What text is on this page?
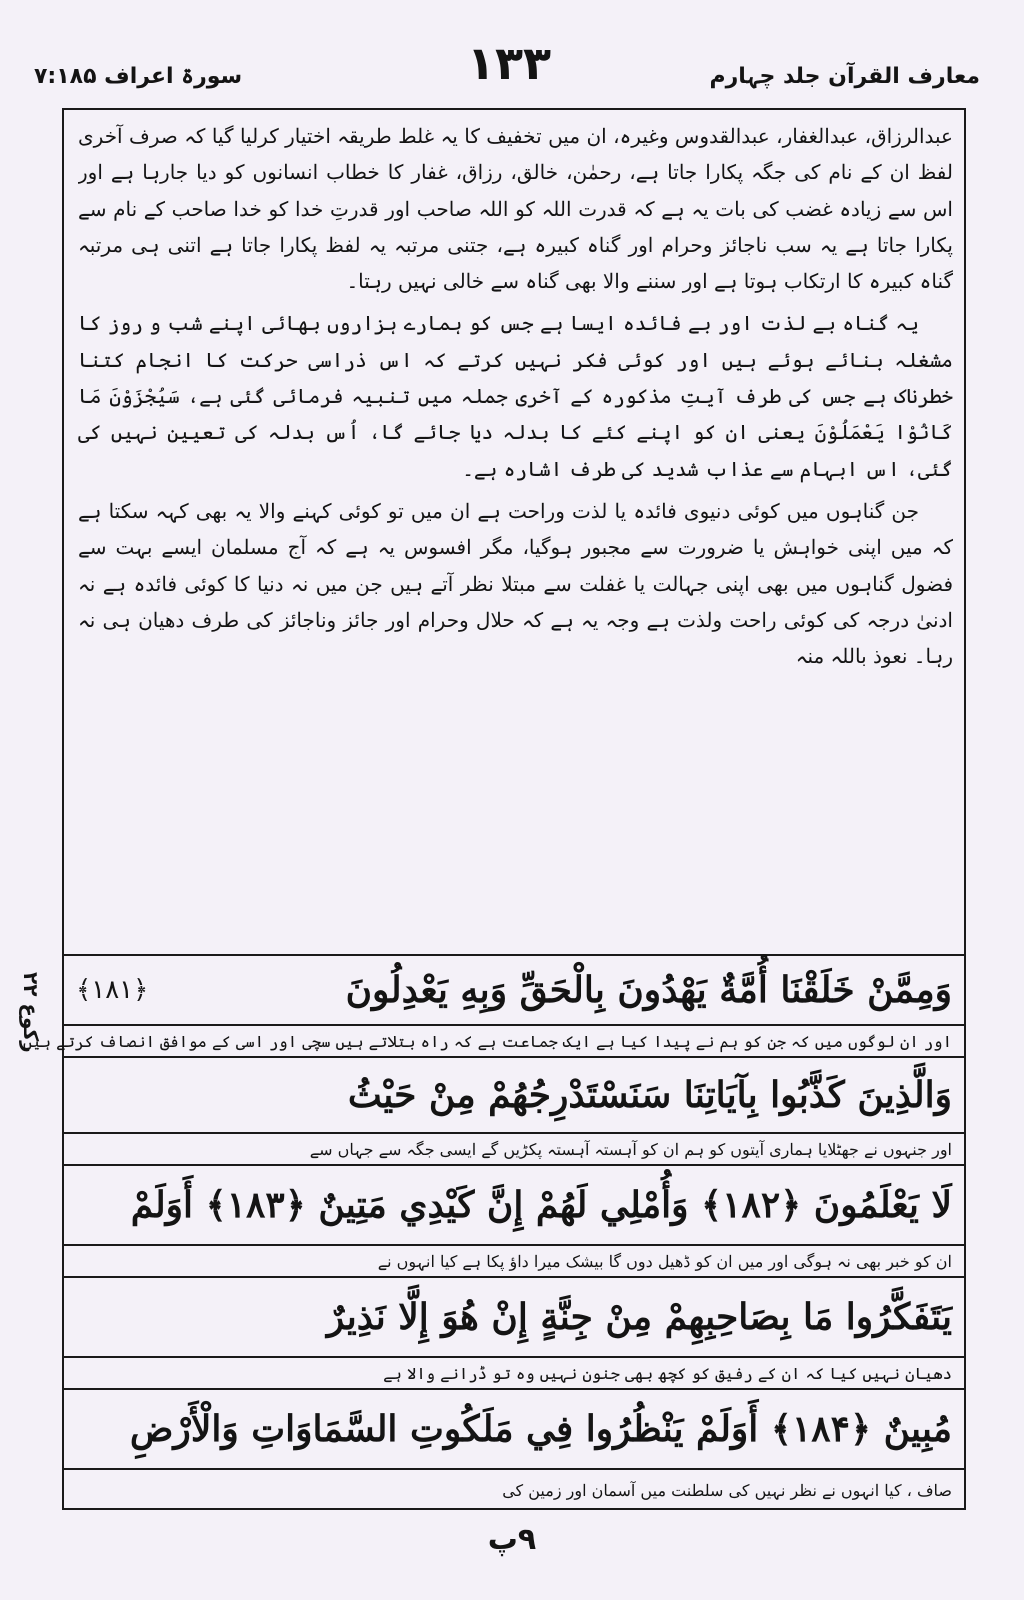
معارف القرآن جلد چہارم
۱۳۳
سورۃ اعراف ۷:۱۸۵

عبدالرزاق، عبدالغفار، عبدالقدوس وغیرہ، ان میں تخفیف کا یہ غلط طریقہ اختیار کرلیا گیا کہ صرف آخری لفظ ان کے نام کی جگہ پکارا جاتا ہے، رحمٰن، خالق، رزاق، غفار کا خطاب انسانوں کو دیا جارہا ہے اور اس سے زیادہ غضب کی بات یہ ہے کہ قدرت اللہ کو اللہ صاحب اور قدرتِ خدا کو خدا صاحب کے نام سے پکارا جاتا ہے یہ سب ناجائز وحرام اور گناہ کبیرہ ہے، جتنی مرتبہ یہ لفظ پکارا جاتا ہے اتنی ہی مرتبہ گناہ کبیرہ کا ارتکاب ہوتا ہے اور سننے والا بھی گناہ سے خالی نہیں رہتا۔

یہ گناہ بے لذت اور بے فائدہ ایسا ہے جس کو ہمارے ہزاروں بھائی اپنے شب و روز کا مشغلہ بنائے ہوئے ہیں اور کوئی فکر نہیں کرتے کہ اس ذراسی حرکت کا انجام کتنا خطرناک ہے جس کی طرف آیتِ مذکورہ کے آخری جملہ میں تنبیہ فرمائی گئی ہے، سَيُجْزَوْنَ مَا كَانُوْا يَعْمَلُوْنَ یعنی ان کو اپنے کئے کا بدلہ دیا جائے گا، اُس بدلہ کی تعیین نہیں کی گئی، اس ابہام سے عذاب شدید کی طرف اشارہ ہے۔

جن گناہوں میں کوئی دنیوی فائدہ یا لذت وراحت ہے ان میں تو کوئی کہنے والا یہ بھی کہہ سکتا ہے کہ میں اپنی خواہش یا ضرورت سے مجبور ہوگیا، مگر افسوس یہ ہے کہ آج مسلمان ایسے بہت سے فضول گناہوں میں بھی اپنی جہالت یا غفلت سے مبتلا نظر آتے ہیں جن میں نہ دنیا کا کوئی فائدہ ہے نہ ادنیٰ درجہ کی کوئی راحت ولذت ہے وجہ یہ ہے کہ حلال وحرام اور جائز وناجائز کی طرف دھیان ہی نہ رہا۔ نعوذ باللہ منہ

رکوع ۲۲
وَمِمَّنْ خَلَقْنَا أُمَّةٌ يَهْدُونَ بِالْحَقِّ وَبِهِ يَعْدِلُونَ
﴿۱۸۱﴾
اور ان لوگوں میں کہ جن کو ہم نے پیدا کیا ہے ایک جماعت ہے کہ راہ بتلاتے ہیں سچی اور اسی کے موافق انصاف کرتے ہیں
وَالَّذِينَ كَذَّبُوا بِآيَاتِنَا سَنَسْتَدْرِجُهُمْ مِنْ حَيْثُ
اور جنہوں نے جھٹلایا ہماری آیتوں کو ہم ان کو آہستہ آہستہ پکڑیں گے ایسی جگہ سے جہاں سے
لَا يَعْلَمُونَ ﴿۱۸۲﴾ وَأُمْلِي لَهُمْ إِنَّ كَيْدِي مَتِينٌ ﴿۱۸۳﴾ أَوَلَمْ
ان کو خبر بھی نہ ہوگی اور میں ان کو ڈھیل دوں گا بیشک میرا داؤ پکا ہے کیا انہوں نے
يَتَفَكَّرُوا مَا بِصَاحِبِهِمْ مِنْ جِنَّةٍ إِنْ هُوَ إِلَّا نَذِيرٌ
دھیان نہیں کیا کہ ان کے رفیق کو کچھ بھی جنون نہیں وہ تو ڈرانے والا ہے
مُبِينٌ ﴿۱۸۴﴾ أَوَلَمْ يَنْظُرُوا فِي مَلَكُوتِ السَّمَاوَاتِ وَالْأَرْضِ
صاف ، کیا انہوں نے نظر نہیں کی سلطنت میں آسمان اور زمین کی
۹پ
